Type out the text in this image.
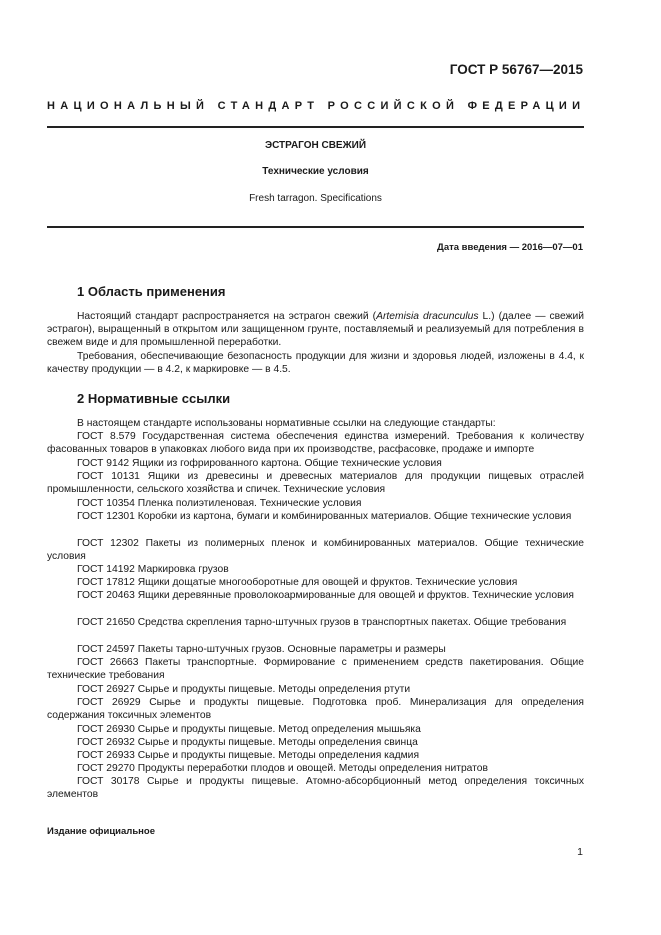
ГОСТ Р 56767—2015
НАЦИОНАЛЬНЫЙ СТАНДАРТ РОССИЙСКОЙ ФЕДЕРАЦИИ
ЭСТРАГОН СВЕЖИЙ
Технические условия
Fresh tarragon. Specifications
Дата введения — 2016—07—01
1 Область применения
Настоящий стандарт распространяется на эстрагон свежий (Artemisia dracunculus L.) (далее — свежий эстрагон), выращенный в открытом или защищенном грунте, поставляемый и реализуемый для потребления в свежем виде и для промышленной переработки.
Требования, обеспечивающие безопасность продукции для жизни и здоровья людей, изложены в 4.4, к качеству продукции — в 4.2, к маркировке — в 4.5.
2 Нормативные ссылки
В настоящем стандарте использованы нормативные ссылки на следующие стандарты:
ГОСТ 8.579 Государственная система обеспечения единства измерений. Требования к количеству фасованных товаров в упаковках любого вида при их производстве, расфасовке, продаже и импорте
ГОСТ 9142 Ящики из гофрированного картона. Общие технические условия
ГОСТ 10131 Ящики из древесины и древесных материалов для продукции пищевых отраслей промышленности, сельского хозяйства и спичек. Технические условия
ГОСТ 10354 Пленка полиэтиленовая. Технические условия
ГОСТ 12301 Коробки из картона, бумаги и комбинированных материалов. Общие технические условия
ГОСТ 12302 Пакеты из полимерных пленок и комбинированных материалов. Общие технические условия
ГОСТ 14192 Маркировка грузов
ГОСТ 17812 Ящики дощатые многооборотные для овощей и фруктов. Технические условия
ГОСТ 20463 Ящики деревянные проволокоармированные для овощей и фруктов. Технические условия
ГОСТ 21650 Средства скрепления тарно-штучных грузов в транспортных пакетах. Общие требования
ГОСТ 24597 Пакеты тарно-штучных грузов. Основные параметры и размеры
ГОСТ 26663 Пакеты транспортные. Формирование с применением средств пакетирования. Общие технические требования
ГОСТ 26927 Сырье и продукты пищевые. Методы определения ртути
ГОСТ 26929 Сырье и продукты пищевые. Подготовка проб. Минерализация для определения содержания токсичных элементов
ГОСТ 26930 Сырье и продукты пищевые. Метод определения мышьяка
ГОСТ 26932 Сырье и продукты пищевые. Методы определения свинца
ГОСТ 26933 Сырье и продукты пищевые. Методы определения кадмия
ГОСТ 29270 Продукты переработки плодов и овощей. Методы определения нитратов
ГОСТ 30178 Сырье и продукты пищевые. Атомно-абсорбционный метод определения токсичных элементов
Издание официальное
1
